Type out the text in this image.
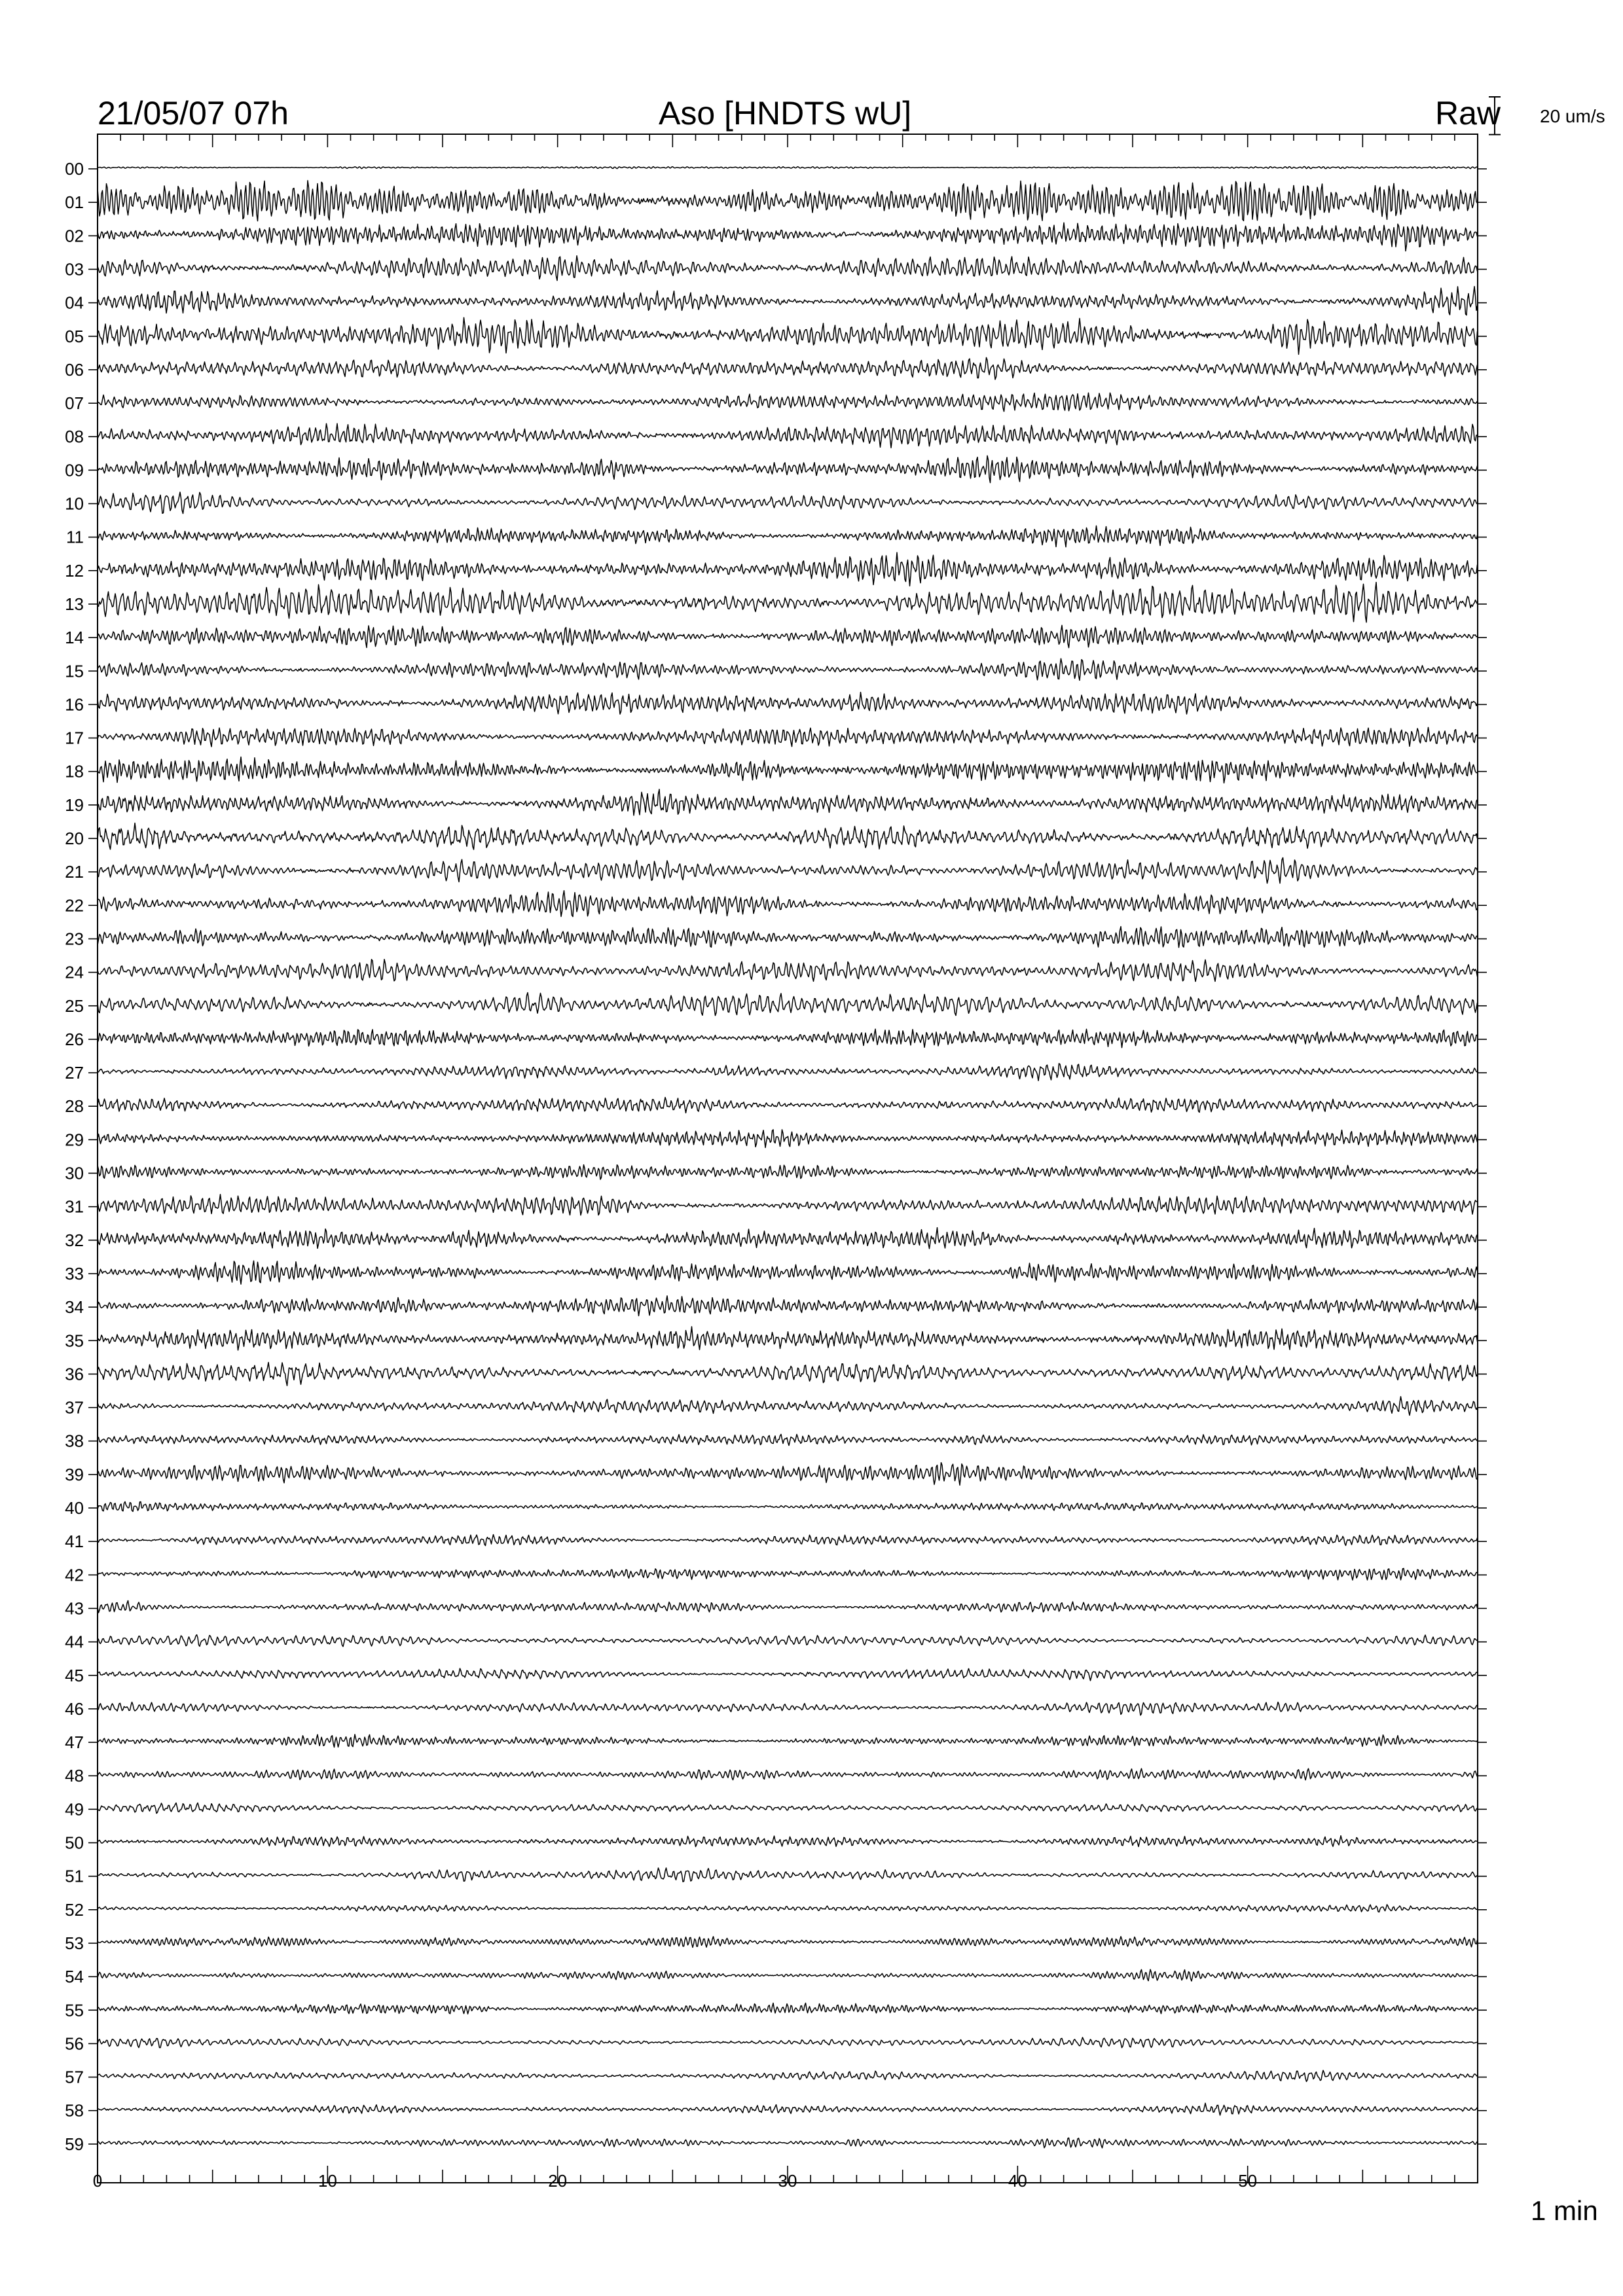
21/05/07 07h	Aso [HNDTS wU]	Raw 20 um/s
1 min
0	10	20	30	40	50
00
01
02
03
04
05
06
07
08
09
10
11
12
13
14
15
16
17
18
19
20
21
22
23
24
25
26
27
28
29
30
31
32
33
34
35
36
37
38
39
40
41
42
43
44
45
46
47
48
49
50
51
52
53
54
55
56
57
58
59
